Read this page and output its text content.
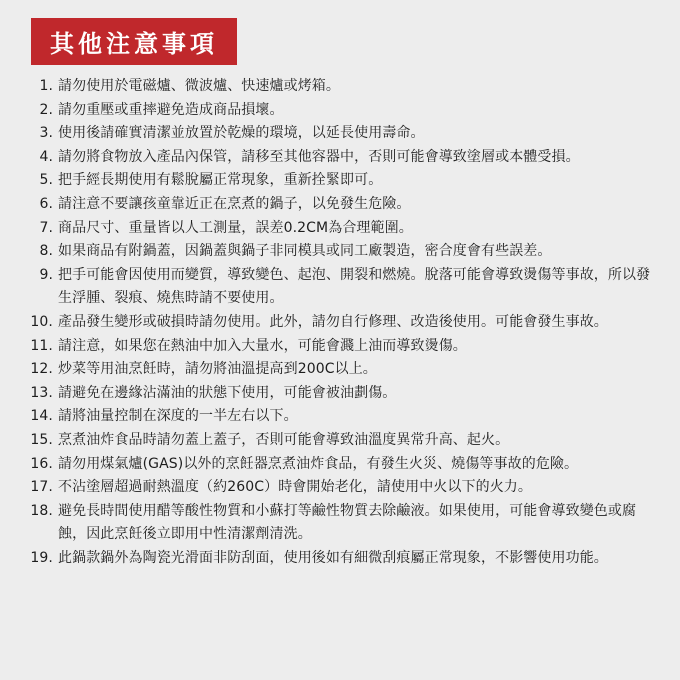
其他注意事項
1. 請勿使用於電磁爐、微波爐、快速爐或烤箱。
2. 請勿重壓或重摔避免造成商品損壞。
3. 使用後請確實清潔並放置於乾燥的環境，以延長使用壽命。
4. 請勿將食物放入產品內保管，請移至其他容器中，否則可能會導致塗層或本體受損。
5. 把手經長期使用有鬆脫屬正常現象，重新拴緊即可。
6. 請注意不要讓孩童靠近正在烹煮的鍋子，以免發生危險。
7. 商品尺寸、重量皆以人工測量，誤差0.2CM為合理範圍。
8. 如果商品有附鍋蓋，因鍋蓋與鍋子非同模具或同工廠製造，密合度會有些誤差。
9. 把手可能會因使用而變質，導致變色、起泡、開裂和燃燒。脫落可能會導致燙傷等事故，所以發生浮腫、裂痕、燒焦時請不要使用。
10. 產品發生變形或破損時請勿使用。此外，請勿自行修理、改造後使用。可能會發生事故。
11. 請注意，如果您在熱油中加入大量水，可能會濺上油而導致燙傷。
12. 炒菜等用油烹飪時，請勿將油溫提高到200C以上。
13. 請避免在邊緣沾滿油的狀態下使用，可能會被油劃傷。
14. 請將油量控制在深度的一半左右以下。
15. 烹煮油炸食品時請勿蓋上蓋子，否則可能會導致油溫度異常升高、起火。
16. 請勿用煤氣爐(GAS)以外的烹飪器烹煮油炸食品，有發生火災、燒傷等事故的危險。
17. 不沾塗層超過耐熱溫度（約260C）時會開始老化，請使用中火以下的火力。
18. 避免長時間使用醋等酸性物質和小蘇打等鹼性物質去除鹼液。如果使用，可能會導致變色或腐蝕，因此烹飪後立即用中性清潔劑清洗。
19. 此鍋款鍋外為陶瓷光滑面非防刮面，使用後如有細微刮痕屬正常現象，不影響使用功能。
